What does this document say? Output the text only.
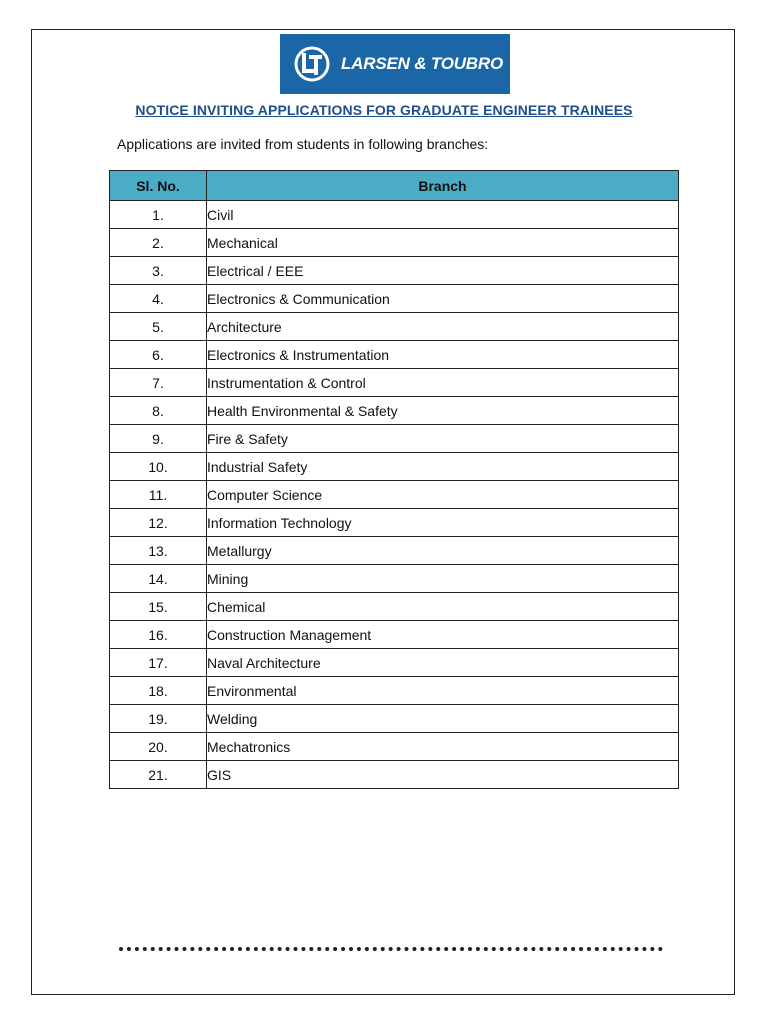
LARSEN & TOUBRO
NOTICE INVITING APPLICATIONS FOR GRADUATE ENGINEER TRAINEES
Applications are invited from students in following branches:
Sl. No.	Branch
1.	Civil
2.	Mechanical
3.	Electrical / EEE
4.	Electronics & Communication
5.	Architecture
6.	Electronics & Instrumentation
7.	Instrumentation & Control
8.	Health Environmental & Safety
9.	Fire & Safety
10.	Industrial Safety
11.	Computer Science
12.	Information Technology
13.	Metallurgy
14.	Mining
15.	Chemical
16.	Construction Management
17.	Naval Architecture
18.	Environmental
19.	Welding
20.	Mechatronics
21.	GIS
